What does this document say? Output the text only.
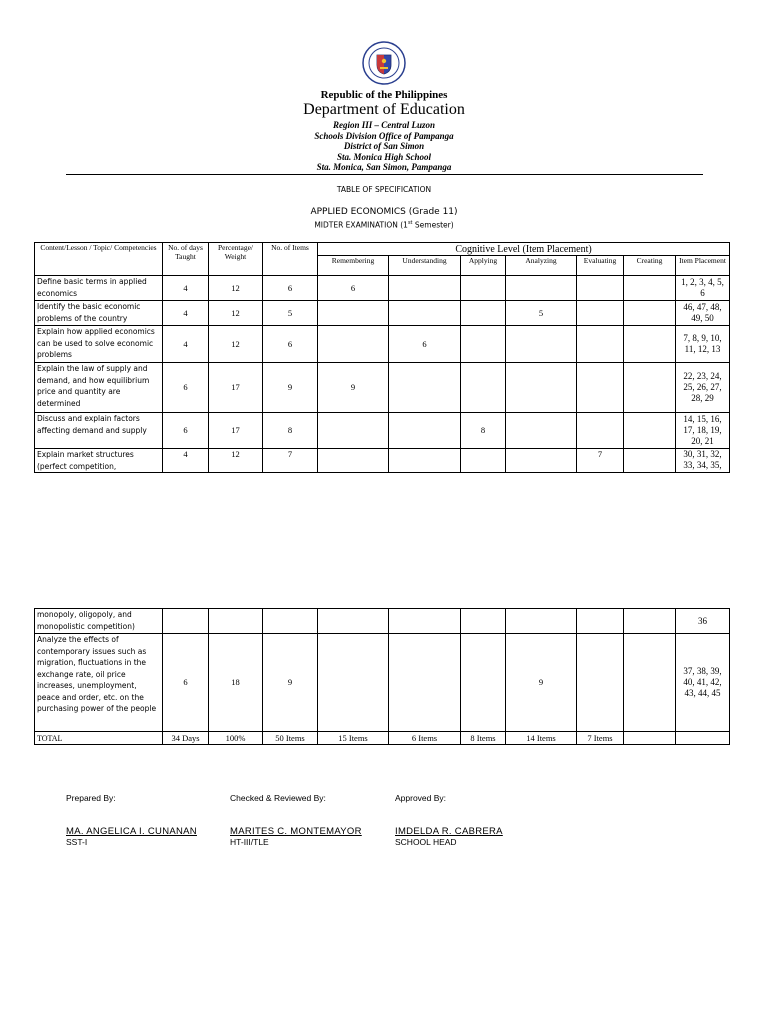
Republic of the Philippines
Department of Education
Region III – Central Luzon
Schools Division Office of Pampanga
District of San Simon
Sta. Monica High School
Sta. Monica, San Simon, Pampanga
TABLE OF SPECIFICATION
APPLIED ECONOMICS (Grade 11)
MIDTER EXAMINATION (1st Semester)
Content/Lesson / Topic/ Competencies	No. of days Taught	Percentage/ Weight	No. of Items	Cognitive Level (Item Placement)						
				Remembering	Understanding	Applying	Analyzing	Evaluating	Creating	Item Placement
Define basic terms in applied economics	4	12	6	6						1, 2, 3, 4, 5, 6
Identify the basic economic problems of the country	4	12	5				5			46, 47, 48, 49, 50
Explain how applied economics can be used to solve economic problems	4	12	6		6					7, 8, 9, 10, 11, 12, 13
Explain the law of supply and demand, and how equilibrium price and quantity are determined	6	17	9	9						22, 23, 24, 25, 26, 27, 28, 29
Discuss and explain factors affecting demand and supply	6	17	8			8				14, 15, 16, 17, 18, 19, 20, 21
Explain market structures (perfect competition,	4	12	7					7		30, 31, 32, 33, 34, 35,
monopoly, oligopoly, and monopolistic competition)										36
Analyze the effects of contemporary issues such as migration, fluctuations in the exchange rate, oil price increases, unemployment, peace and order, etc. on the purchasing power of the people	6	18	9				9			37, 38, 39, 40, 41, 42, 43, 44, 45
TOTAL	34 Days	100%	50 Items	15 Items	6 Items	8 Items	14 Items	7 Items		
Prepared By:
MA. ANGELICA I. CUNANAN
SST-I
Checked & Reviewed By:
MARITES C. MONTEMAYOR
HT-III/TLE
Approved By:
IMDELDA R. CABRERA
SCHOOL HEAD
